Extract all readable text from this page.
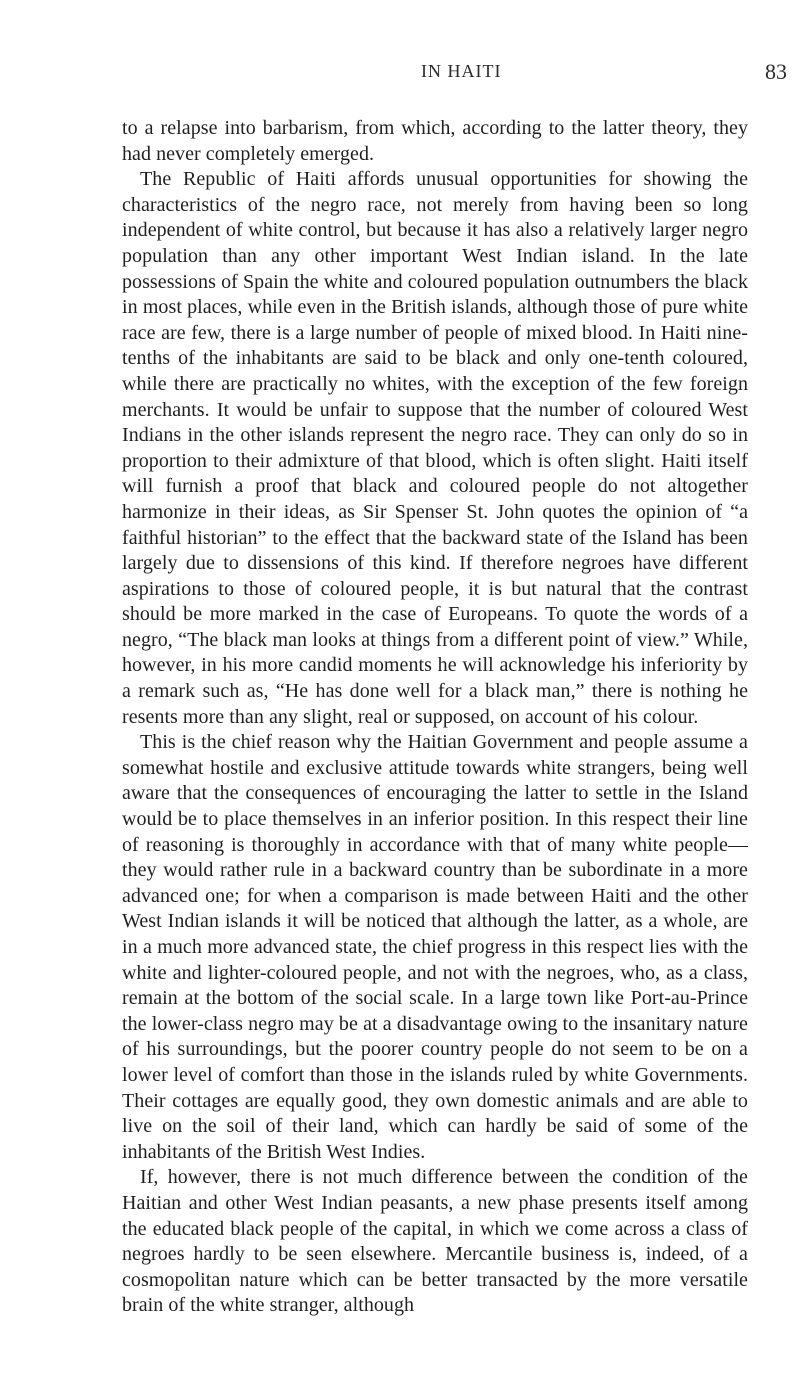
IN HAITI	83

to a relapse into barbarism, from which, according to the latter theory, they had never completely emerged.

The Republic of Haiti affords unusual opportunities for showing the characteristics of the negro race, not merely from having been so long independent of white control, but because it has also a relatively larger negro population than any other important West Indian island. In the late possessions of Spain the white and coloured population outnumbers the black in most places, while even in the British islands, although those of pure white race are few, there is a large number of people of mixed blood. In Haiti nine-tenths of the inhabitants are said to be black and only one-tenth coloured, while there are practically no whites, with the exception of the few foreign merchants. It would be unfair to suppose that the number of coloured West Indians in the other islands represent the negro race. They can only do so in proportion to their admixture of that blood, which is often slight. Haiti itself will furnish a proof that black and coloured people do not altogether harmonize in their ideas, as Sir Spenser St. John quotes the opinion of “a faithful historian” to the effect that the backward state of the Island has been largely due to dissensions of this kind. If therefore negroes have different aspirations to those of coloured people, it is but natural that the contrast should be more marked in the case of Europeans. To quote the words of a negro, “The black man looks at things from a different point of view.” While, however, in his more candid moments he will acknowledge his inferiority by a remark such as, “He has done well for a black man,” there is nothing he resents more than any slight, real or supposed, on account of his colour.

This is the chief reason why the Haitian Government and people assume a somewhat hostile and exclusive attitude towards white strangers, being well aware that the consequences of encouraging the latter to settle in the Island would be to place themselves in an inferior position. In this respect their line of reasoning is thoroughly in accordance with that of many white people—they would rather rule in a backward country than be subordinate in a more advanced one; for when a comparison is made between Haiti and the other West Indian islands it will be noticed that although the latter, as a whole, are in a much more advanced state, the chief progress in this respect lies with the white and lighter-coloured people, and not with the negroes, who, as a class, remain at the bottom of the social scale. In a large town like Port-au-Prince the lower-class negro may be at a disadvantage owing to the insanitary nature of his surroundings, but the poorer country people do not seem to be on a lower level of comfort than those in the islands ruled by white Governments. Their cottages are equally good, they own domestic animals and are able to live on the soil of their land, which can hardly be said of some of the inhabitants of the British West Indies.

If, however, there is not much difference between the condition of the Haitian and other West Indian peasants, a new phase presents itself among the educated black people of the capital, in which we come across a class of negroes hardly to be seen elsewhere. Mercantile business is, indeed, of a cosmopolitan nature which can be better transacted by the more versatile brain of the white stranger, although
